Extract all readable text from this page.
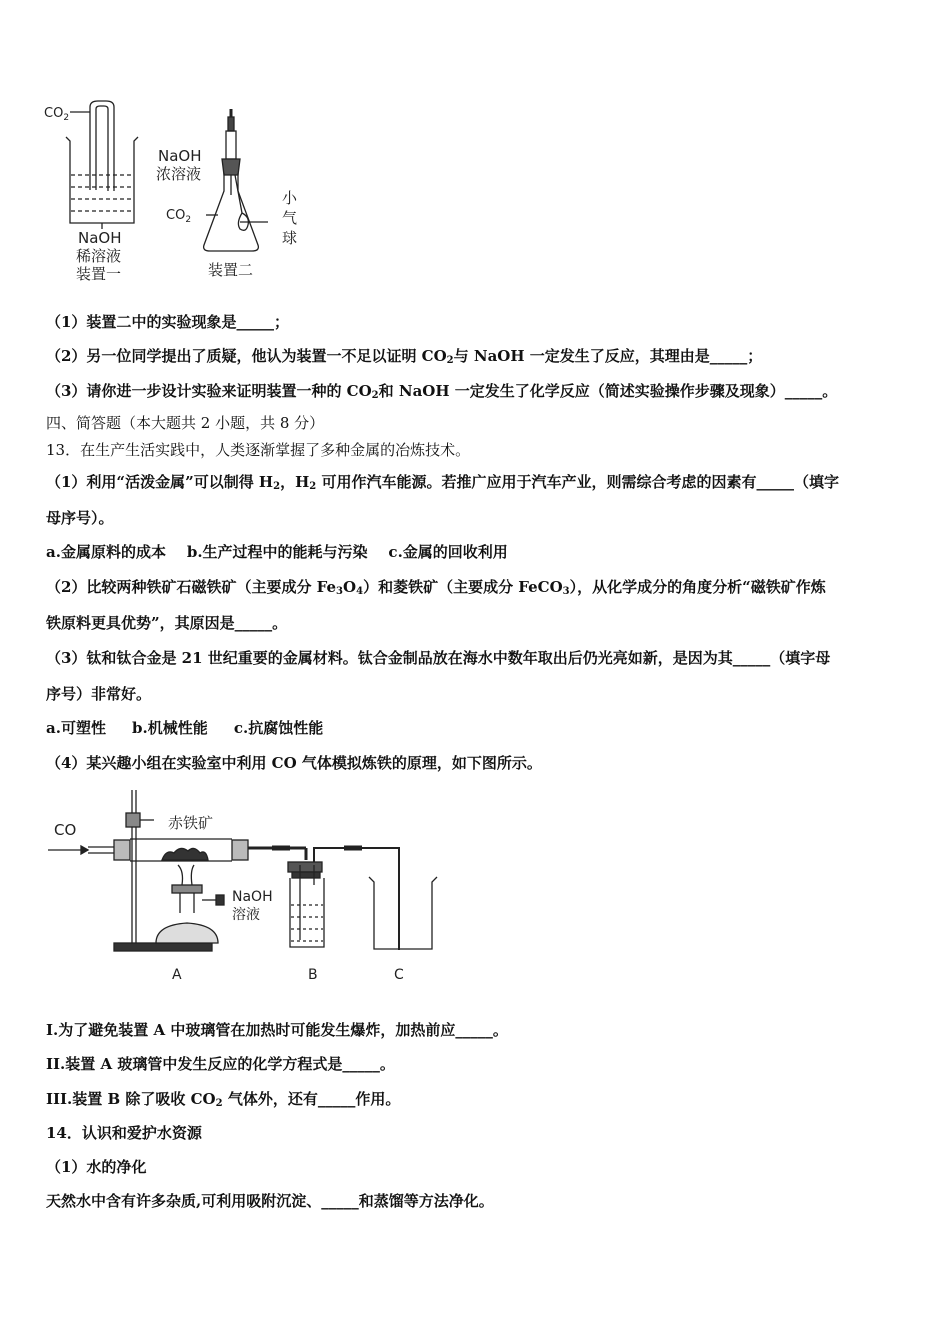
$CO_2$
NaOH
稀溶液
装置一
NaOH
浓溶液
$CO_2$
小
气
球
装置二
（1）装置二中的实验现象是_____；
（2）另一位同学提出了质疑，他认为装置一不足以证明 $CO_2$与 NaOH 一定发生了反应，其理由是_____；
（3）请你进一步设计实验来证明装置一种的 $CO_2$和 NaOH 一定发生了化学反应（简述实验操作步骤及现象）_____。
四、简答题（本大题共 2 小题，共 8 分）
13．在生产生活实践中，人类逐渐掌握了多种金属的冶炼技术。
（1）利用“活泼金属”可以制得 $H_2$，$H_2$ 可用作汽车能源。若推广应用于汽车产业，则需综合考虑的因素有_____（填字
母序号）。
a.金属原料的成本    b.生产过程中的能耗与污染    c.金属的回收利用
（2）比较两种铁矿石磁铁矿（主要成分 $Fe_3O_4$）和菱铁矿（主要成分 FeCO$_3$），从化学成分的角度分析“磁铁矿作炼
铁原料更具优势”，其原因是_____。
（3）钛和钛合金是 21 世纪重要的金属材料。钛合金制品放在海水中数年取出后仍光亮如新，是因为其_____（填字母
序号）非常好。
a.可塑性     b.机械性能     c.抗腐蚀性能
（4）某兴趣小组在实验室中利用 CO 气体模拟炼铁的原理，如下图所示。
CO	赤铁矿
NaOH
溶液
A	B	C
I.为了避免装置 A 中玻璃管在加热时可能发生爆炸，加热前应_____。
II.装置 A 玻璃管中发生反应的化学方程式是_____。
III.装置 B 除了吸收 $CO_2$ 气体外，还有_____作用。
14．认识和爱护水资源
（1）水的净化
天然水中含有许多杂质,可利用吸附沉淀、_____和蒸馏等方法净化。
